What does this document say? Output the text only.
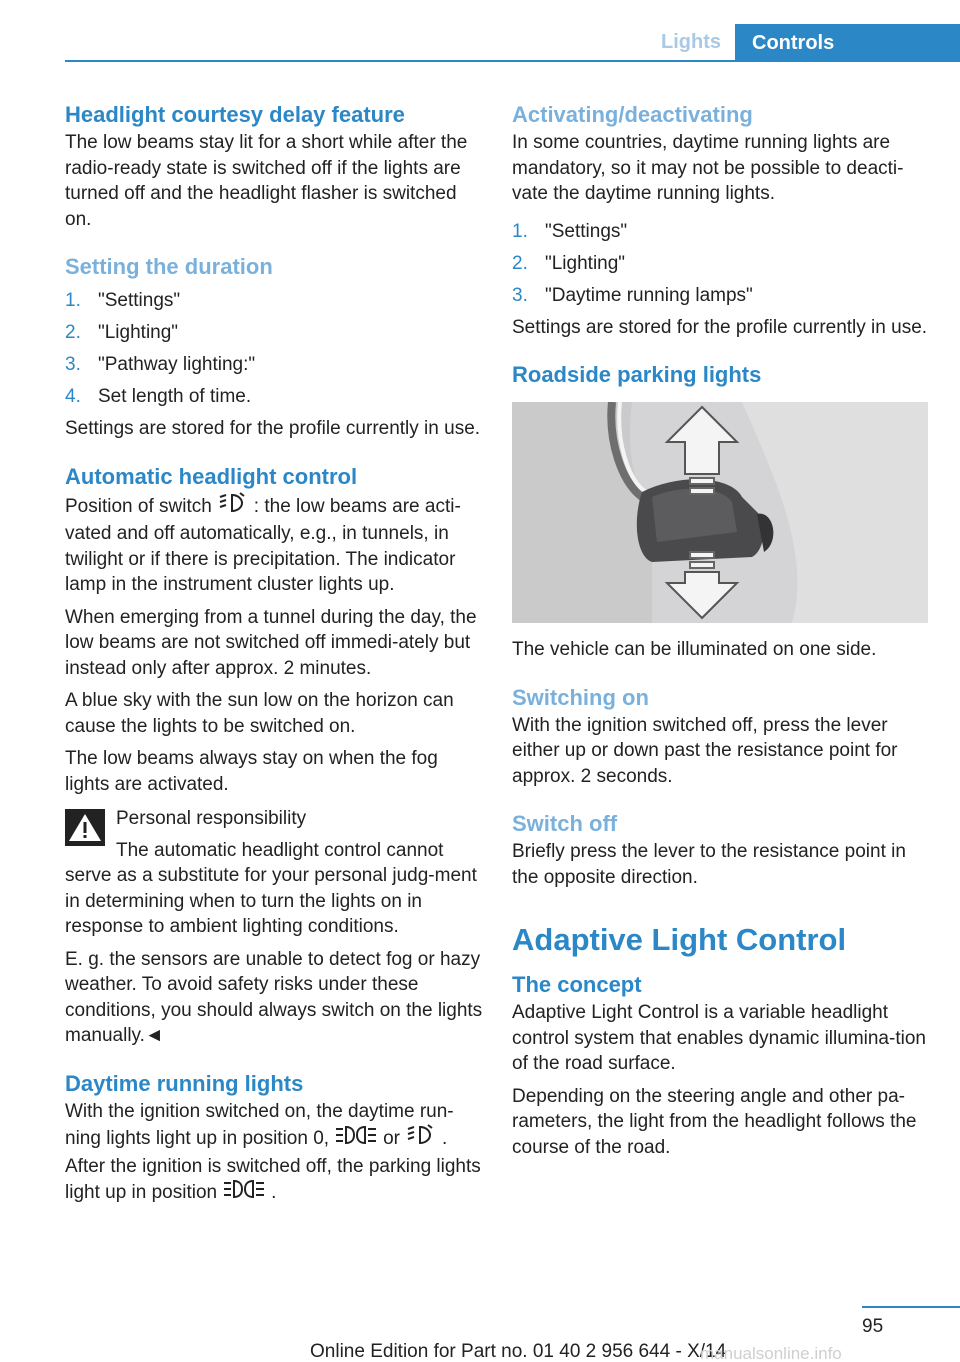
Lights	Controls
Headlight courtesy delay feature

The low beams stay lit for a short while after the radio-ready state is switched off if the lights are turned off and the headlight flasher is switched on.

Setting the duration
1. "Settings"
2. "Lighting"
3. "Pathway lighting:"
4. Set length of time.

Settings are stored for the profile currently in use.

Automatic headlight control

Position of switch : the low beams are acti-vated and off automatically, e.g., in tunnels, in twilight or if there is precipitation. The indicator lamp in the instrument cluster lights up.

When emerging from a tunnel during the day, the low beams are not switched off immedi-ately but instead only after approx. 2 minutes.

A blue sky with the sun low on the horizon can cause the lights to be switched on.

The low beams always stay on when the fog lights are activated.

Personal responsibility

The automatic headlight control cannot serve as a substitute for your personal judg-ment in determining when to turn the lights on in response to ambient lighting conditions.

E. g. the sensors are unable to detect fog or hazy weather. To avoid safety risks under these conditions, you should always switch on the lights manually.◄

Daytime running lights

With the ignition switched on, the daytime run-ning lights light up in position 0,	or .

After the ignition is switched off, the parking lights light up in position	.

Activating/deactivating

In some countries, daytime running lights are mandatory, so it may not be possible to deacti-vate the daytime running lights.

1. "Settings"
2. "Lighting"
3. "Daytime running lamps"

Settings are stored for the profile currently in use.

Roadside parking lights

The vehicle can be illuminated on one side.

Switching on

With the ignition switched off, press the lever either up or down past the resistance point for approx. 2 seconds.

Switch off

Briefly press the lever to the resistance point in the opposite direction.

Adaptive Light Control
The concept

Adaptive Light Control is a variable headlight control system that enables dynamic illumina-tion of the road surface.

Depending on the steering angle and other pa-rameters, the light from the headlight follows the course of the road.

95
Online Edition for Part no. 01 40 2 956 644 - X/14
manualsonline.info
